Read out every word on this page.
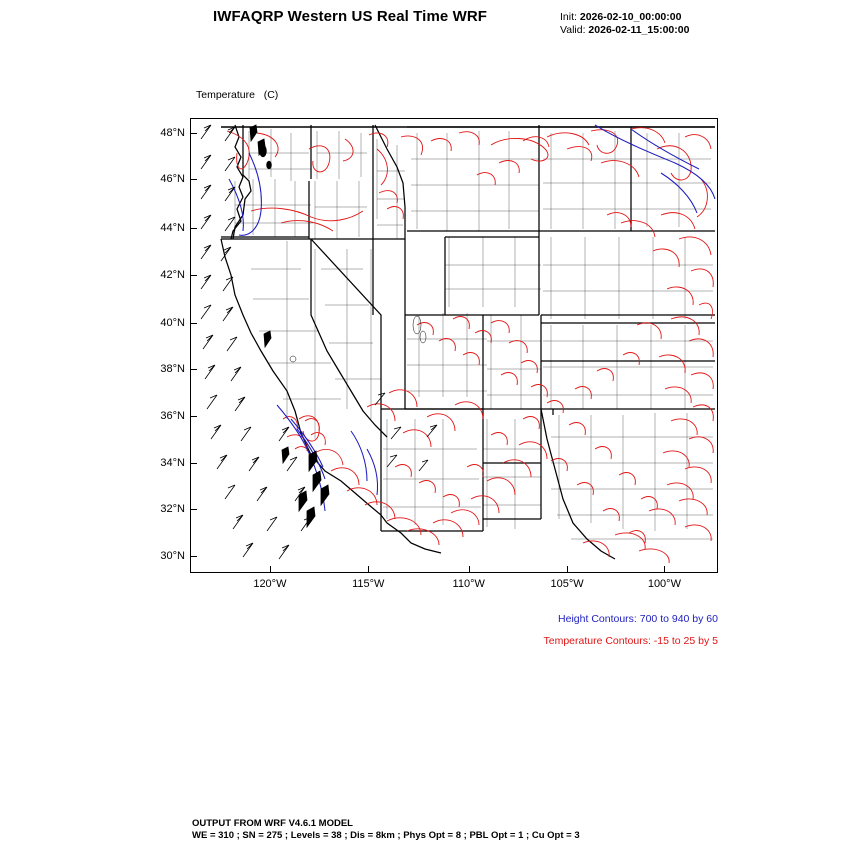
IWFAQRP Western US Real Time WRF	Init: 2026-02-10_00:00:00
Valid: 2026-02-11_15:00:00

Temperature   (C)

48°N
46°N
44°N
42°N
40°N
38°N
36°N
34°N
32°N
30°N
120°W	115°W	110°W	105°W	100°W
Height Contours: 700 to 940 by 60
Temperature Contours: -15 to 25 by 5
OUTPUT FROM WRF V4.6.1 MODEL
WE = 310 ; SN = 275 ; Levels = 38 ; Dis = 8km ; Phys Opt = 8 ; PBL Opt = 1 ; Cu Opt = 3
